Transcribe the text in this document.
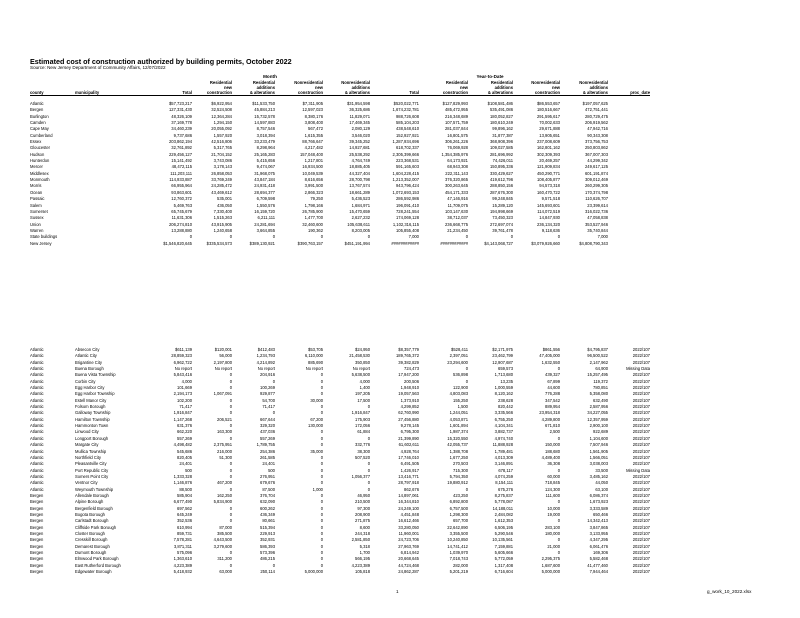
Estimated cost of construction authorized by building permits, October 2022
Source: New Jersey Department of Community Affairs, 12/07/2022
Month	Year-to-Date
			Residential	Residential	Nonresidential	Nonresidential		Residential	Residential	Nonresidential	Nonresidential	
			new	additions	new	additions		new	additions	new	additions	
county	municipality	Total	construction	& alterations	construction	& alterations	Total	construction	& alterations	construction	& alterations	proc_date
Atlantic		$57,723,217	$6,922,954	$11,533,750	$7,311,905	$31,954,598	$520,022,771	$127,829,993	$108,581,486	$86,553,657	$197,057,625
Bergen		127,331,430	32,524,508	45,884,213	12,597,023	36,325,686	1,674,232,781	485,472,955	535,491,086	180,516,667	472,751,441
Burlington		48,326,109	12,364,284	15,732,578	8,380,176	11,829,071	988,726,608	216,348,689	180,052,827	291,595,617	280,729,475
Camden		37,169,778	1,294,150	14,597,883	3,808,400	17,469,345	585,104,203	107,571,759	180,610,249	70,002,633	206,919,562
Cape May		34,460,239	20,055,092	8,757,546	567,472	2,080,129	438,548,610	281,037,844	99,896,162	29,671,888	47,942,716
Cumberland		9,737,686	1,557,920	3,018,394	1,615,355	3,546,020	152,927,921	16,801,575	31,877,387	13,905,651	90,343,308
Essex		203,862,194	42,516,806	33,233,479	88,766,647	39,345,252	1,287,934,696	306,261,226	368,908,396	237,008,609	373,756,753
Gloucester		32,761,892	5,317,765	8,298,964	4,217,482	14,927,681	618,702,337	76,069,928	109,027,585	162,801,162	250,803,862
Hudson		229,456,127	21,704,152	25,165,283	157,048,400	25,538,292	2,305,399,666	1,354,385,976	281,696,992	302,309,393	367,007,303
Hunterdon		15,141,492	3,743,086	5,415,656	1,217,801	4,764,749	223,368,531	64,173,921	74,426,011	20,469,257	44,299,342
Mercer		48,472,115	3,178,143	9,474,067	16,934,500	18,885,405	591,165,603	68,943,308	150,895,336	121,909,834	249,617,125
Middlesex		111,203,111	26,858,053	31,968,075	10,049,539	44,327,404	1,604,228,415	222,311,143	330,429,627	450,290,771	601,191,874
Monmouth		114,933,887	33,769,249	43,847,184	8,616,656	28,700,798	1,213,352,007	376,320,865	419,612,796	108,405,877	309,012,469
Morris		66,955,964	24,285,472	24,931,418	3,991,500	13,767,574	943,796,424	300,263,645	288,850,156	94,573,318	260,299,305
Ocean		93,863,601	43,469,612	28,694,377	2,866,323	18,661,289	1,072,693,153	454,171,333	287,676,300	160,470,722	170,374,798
Passaic		12,760,372	535,001	6,709,598	79,250	5,436,523	286,592,986	47,146,916	99,248,845	9,571,518	110,626,707
Salem		5,469,763	436,050	1,550,576	1,798,166	1,684,971	196,091,410	11,709,075	15,289,120	145,693,601	23,399,614
Somerset		65,745,679	7,330,400	16,159,720	26,785,900	15,470,659	728,241,554	103,147,630	194,998,669	114,072,519	316,022,736
Sussex		11,631,306	1,515,263	6,211,111	1,477,700	2,627,232	174,069,128	38,712,037	73,450,323	14,847,930	47,058,838
Union		206,274,810	43,915,905	24,281,694	32,460,600	105,638,611	1,102,316,115	236,668,775	272,697,074	236,134,320	353,527,946
Warren		13,288,880	1,240,658	3,664,855	190,362	8,203,005	105,855,408	21,234,450	39,761,478	9,118,636	35,740,844
State buildings		0	0	0	0	0	7,000	0	0	0	7,000
New Jersey		$1,546,820,645	$335,534,573	$389,130,921	$390,763,157	$451,191,994	############	############	$4,143,068,727	$3,079,926,660	$4,808,790,343
Atlantic	Absecon City	$611,139	$120,001	$412,483	$53,705	$24,950	$8,357,779	$528,411	$2,171,975	$861,556	$4,795,837	2022/107
Atlantic	Atlantic City	28,859,323	56,000	1,234,793	6,110,000	21,458,530	189,765,372	2,397,051	23,462,799	47,405,000	96,500,522	2022/107
Atlantic	Brigantine City	6,962,722	2,197,800	4,214,892	885,690	350,850	39,382,829	23,294,600	12,907,687	1,632,550	2,147,962	2022/107
Atlantic	Buena Borough	No report	No report	No report	No report	No report	724,473	0	659,573	0	64,900	Missing Data
Atlantic	Buena Vista Township	5,843,416	0	204,916	0	5,638,500	17,947,200	536,898	1,713,680	439,327	15,257,495	2022/107
Atlantic	Corbin City	4,000	0	0	0	4,000	200,506	0	13,235	67,899	119,372	2022/107
Atlantic	Egg Harbor City	101,669	0	100,269	0	1,400	1,948,910	122,900	1,000,559	44,600	780,851	2022/107
Atlantic	Egg Harbor Township	2,194,173	1,067,091	929,877	0	197,205	19,057,563	4,803,083	8,120,162	776,288	5,358,080	2022/107
Atlantic	Estell Manor City	102,200	0	54,700	30,000	17,500	1,373,910	155,250	238,628	347,542	632,490	2022/107
Atlantic	Folsom Borough	71,417	0	71,417	0	0	4,299,852	1,500	820,442	889,954	2,587,956	2022/107
Atlantic	Galloway Township	1,916,847	0	0	0	1,916,847	62,760,990	1,244,051	3,335,566	23,954,318	34,227,055	2022/107
Atlantic	Hamilton Township	1,147,268	206,521	667,644	67,200	175,903	27,456,880	4,053,871	6,755,250	4,289,800	12,357,959	2022/107
Atlantic	Hammonton Town	631,376	0	329,320	130,000	172,056	9,278,145	1,601,894	4,104,341	671,810	2,900,100	2022/107
Atlantic	Linwood City	662,220	163,300	437,036	0	61,884	6,795,300	1,987,374	3,882,737	2,500	922,689	2022/107
Atlantic	Longport Borough	557,269	0	557,269	0	0	21,399,890	15,320,550	4,974,740	0	1,104,600	2022/107
Atlantic	Margate City	4,498,482	2,375,951	1,789,755	0	332,776	61,602,611	42,055,737	11,888,928	150,000	7,507,946	2022/107
Atlantic	Mullica Township	545,686	216,000	254,386	35,000	38,300	4,928,764	1,388,708	1,789,481	188,680	1,561,905	2022/107
Atlantic	Northfield City	820,405	51,300	261,585	0	507,520	17,746,010	1,677,250	4,013,309	4,489,400	1,566,051	2022/107
Atlantic	Pleasantville City	24,401	0	24,401	0	0	6,491,505	270,503	3,146,891	36,308	3,038,003	2022/107
Atlantic	Port Republic City	500	0	500	0	0	1,426,917	715,300	678,117	0	33,500	Missing Data
Atlantic	Somers Point City	1,333,328	0	276,951	0	1,056,377	13,416,771	5,794,350	4,074,259	60,000	3,485,162	2022/107
Atlantic	Ventnor City	1,146,876	467,200	679,676	0	0	28,797,918	19,880,912	8,154,111	718,845	44,050	2022/107
Atlantic	Weymouth Township	88,500	0	87,500	1,000	0	862,676	0	675,276	124,300	63,100	2022/107
Bergen	Allendale Borough	585,904	162,250	376,704	0	46,950	14,897,061	423,250	8,275,837	111,600	6,086,374	2022/107
Bergen	Alpine Borough	6,677,490	5,834,900	632,090	0	210,500	16,344,810	6,892,800	5,778,087	0	1,673,923	2022/107
Bergen	Bergenfield Borough	697,562	0	600,262	0	97,300	24,249,100	6,757,500	14,188,011	10,000	3,333,589	2022/107
Bergen	Bogota Borough	645,249	0	436,349	0	208,900	4,451,848	1,298,300	2,484,082	19,000	650,466	2022/107
Bergen	Carlstadt Borough	352,536	0	80,661	0	271,875	16,612,466	657,700	1,612,353	0	14,342,413	2022/107
Bergen	Cliffside Park Borough	610,994	87,000	515,394	0	8,600	33,280,050	22,642,890	6,506,195	283,100	3,847,865	2022/107
Bergen	Closter Borough	859,731	385,500	229,913	0	244,318	11,960,001	3,355,500	5,290,546	180,000	3,133,955	2022/107
Bergen	Cresskill Borough	7,578,281	4,643,500	352,931	0	2,581,850	24,723,706	10,240,850	10,135,561	0	4,347,295	2022/107
Bergen	Demarest Borough	3,871,311	3,279,600	586,393	0	5,318	27,963,769	14,741,412	7,159,881	21,000	6,061,476	2022/107
Bergen	Dumont Borough	575,096	0	573,396	0	1,700	6,814,942	1,039,970	5,605,666	0	169,306	2022/107
Bergen	Elmwood Park Borough	1,363,610	311,200	486,215	0	566,195	20,668,645	7,018,743	5,772,059	2,295,375	5,582,468	2022/107
Bergen	East Rutherford Borough	4,223,389	0	0	0	4,223,389	44,724,468	282,000	1,317,408	1,687,600	41,477,460	2022/107
Bergen	Edgewater Borough	5,418,932	63,000	250,114	5,000,000	105,818	24,862,287	5,201,219	6,716,604	5,000,000	7,944,464	2022/107
1	g_work_10_2022.xlsx
